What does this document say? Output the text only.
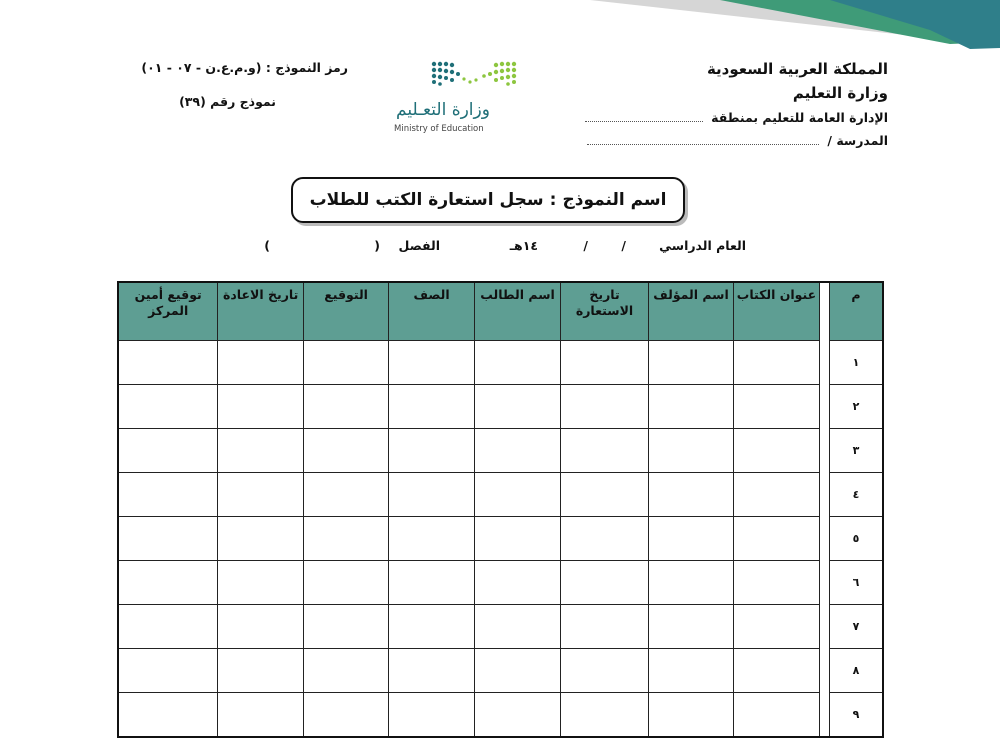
المملكة العربية السعودية
وزارة التعليم
الإدارة العامة للتعليم بمنطقة
المدرسة /
وزارة التعـليم
Ministry of Education
رمز النموذج : (و.م.ع.ن - ٠٧ - ٠١)
نموذج رقم (٣٩)
اسم النموذج
:
سجل استعارة الكتب للطلاب
العام الدراسي
/
/
١٤هـ
الفصل
(
)
م		عنوان الكتاب	اسم المؤلف	تاريخ الاستعارة	اسم الطالب	الصف	التوقيع	تاريخ الاعادة	توقيع أمين المركز
١									
٢									
٣									
٤									
٥									
٦									
٧									
٨									
٩									
